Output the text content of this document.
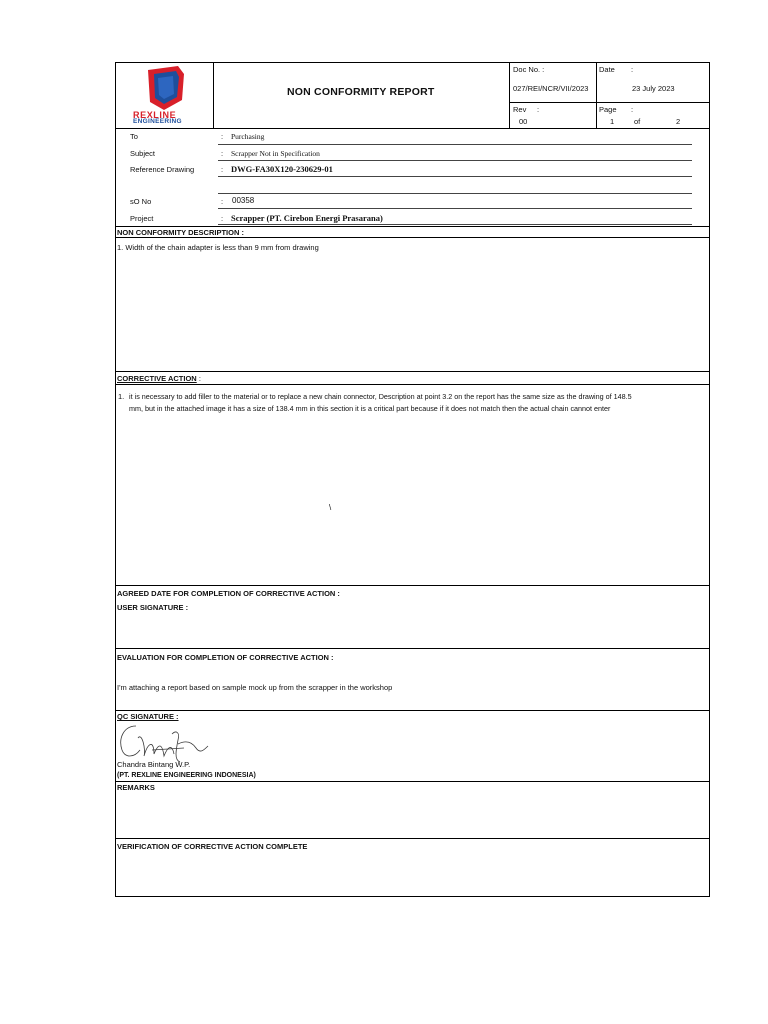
REXLINE
ENGINEERING
NON CONFORMITY REPORT
Doc No. :
027/REI/NCR/VII/2023
Date :
23 July 2023
Rev :
00
Page :
1	of	2
To	: Purchasing
Subject	: Scrapper Not in Specification
Reference Drawing	: DWG-FA30X120-230629-01
sO No	: 00358
Project	: Scrapper (PT. Cirebon Energi Prasarana)
NON CONFORMITY DESCRIPTION :
1. Width of the chain adapter is less than 9 mm from drawing
CORRECTIVE ACTION :
1. it is necessary to add filler to the material or to replace a new chain connector, Description at point 3.2 on the report has the same size as the drawing of 148.5
mm, but in the attached image it has a size of 138.4 mm in this section it is a critical part because if it does not match then the actual chain cannot enter
\
AGREED DATE FOR COMPLETION OF CORRECTIVE ACTION :
USER SIGNATURE :
EVALUATION FOR COMPLETION OF CORRECTIVE ACTION :
I'm attaching a report based on sample mock up from the scrapper in the workshop
QC SIGNATURE :
Chandra Bintang W.P.
(PT. REXLINE ENGINEERING INDONESIA)
REMARKS
VERIFICATION OF CORRECTIVE ACTION COMPLETE
